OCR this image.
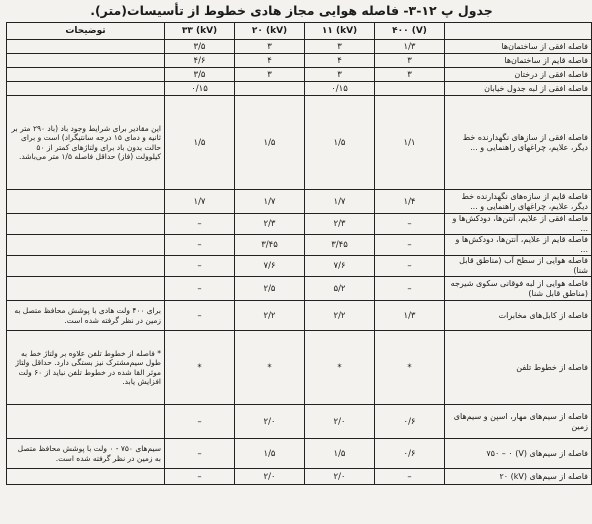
جدول پ ۱۲-۳- فاصله هوایی مجاز هادی خطوط از تأسیسات(متر).
	(V) ۴۰۰	(kV) ۱۱	(kV) ۲۰	(kV) ۳۳	توضیحات
فاصله افقی از ساختمان‌ها	۱/۳	۳	۳	۳/۵	
فاصله قایم از ساختمان‌ها	۳	۴	۴	۴/۶	
فاصله افقی از درختان	۳	۳	۳	۳/۵	
فاصله افقی از لبه جدول خیابان		۰/۱۵		۰/۱۵	
فاصله افقی از سازهای نگهدارنده خط دیگر، علایم، چراغهای راهنمایی و ...	۱/۱	۱/۵	۱/۵	۱/۵	این مقادیر برای شرایط وجود باد (باد ۲۹۰ متر بر ثانیه و دمای ۱۵ درجه سانتیگراد) است و برای حالت بدون باد برای ولتاژهای کمتر از ۵۰ کیلوولت (فاز) حداقل فاصله ۱/۵ متر می‌باشد.
فاصله قایم از سازه‌های نگهدارنده خط دیگر، علایم، چراغهای راهنمایی و ...	۱/۴	۱/۷	۱/۷	۱/۷	
فاصله افقی از علایم، آنتن‌ها، دودکش‌ها و ...	–	۲/۳	۲/۳	–	
فاصله قایم از علایم، آنتن‌ها، دودکش‌ها و ...	–	۳/۴۵	۳/۴۵	–	
فاصله هوایی از سطح آب (مناطق قابل شنا)	–	۷/۶	۷/۶	–	
فاصله هوایی از لبه فوقانی سکوی شیرجه (مناطق قابل شنا)	–	۵/۲	۲/۵	–	
فاصله از کابل‌های مخابرات	۱/۳	۲/۲	۲/۲	–	برای ۴۰۰ ولت هادی با پوشش محافظ متصل به زمین در نظر گرفته شده است.
فاصله از خطوط تلفن	*	*	*	*	* فاصله از خطوط تلفن علاوه بر ولتاژ خط به طول سیم‌مشترک نیز بستگی دارد. حداقل ولتاژ موثر القا شده در خطوط تلفن نباید از ۶۰ ولت افزایش یابد.
فاصله از سیم‌های مهار، اسپن و سیم‌های زمین	۰/۶	۲/۰	۲/۰	–	
فاصله از سیم‌های (V) ۷۵۰ – ۰	۰/۶	۱/۵	۱/۵	–	سیم‌های ۷۵۰ - ۰ ولت با پوشش محافظ متصل به زمین در نظر گرفته شده است.
فاصله از سیم‌های (kV) ۲۰	–	۲/۰	۲/۰	–	
